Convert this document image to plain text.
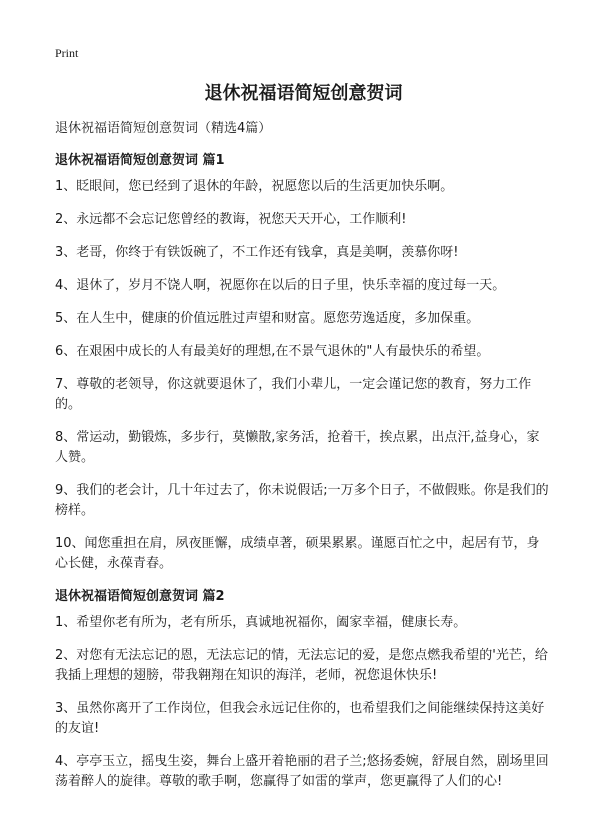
Print
退休祝福语简短创意贺词

退休祝福语简短创意贺词（精选4篇）

退休祝福语简短创意贺词 篇1
1、眨眼间，您已经到了退休的年龄，祝愿您以后的生活更加快乐啊。
2、永远都不会忘记您曾经的教诲，祝您天天开心，工作顺利!
3、老哥，你终于有铁饭碗了，不工作还有钱拿，真是美啊，羡慕你呀!
4、退休了，岁月不饶人啊，祝愿你在以后的日子里，快乐幸福的度过每一天。
5、在人生中，健康的价值远胜过声望和财富。愿您劳逸适度，多加保重。
6、在艰困中成长的人有最美好的理想,在不景气退休的"人有最快乐的希望。
7、尊敬的老领导，你这就要退休了，我们小辈儿，一定会谨记您的教育，努力工作的。
8、常运动，勤锻炼，多步行，莫懒散,家务活，抢着干，挨点累，出点汗,益身心，家人赞。
9、我们的老会计，几十年过去了，你未说假话;一万多个日子，不做假账。你是我们的榜样。
10、闻您重担在肩，夙夜匪懈，成绩卓著，硕果累累。谨愿百忙之中，起居有节，身心长健，永葆青春。
退休祝福语简短创意贺词 篇2
1、希望你老有所为，老有所乐，真诚地祝福你，阖家幸福，健康长寿。
2、对您有无法忘记的恩，无法忘记的情，无法忘记的爱，是您点燃我希望的'光芒，给我插上理想的翅膀，带我翱翔在知识的海洋，老师，祝您退休快乐!
3、虽然你离开了工作岗位，但我会永远记住你的，也希望我们之间能继续保持这美好的友谊!
4、亭亭玉立，摇曳生姿，舞台上盛开着艳丽的君子兰;悠扬委婉，舒展自然，剧场里回荡着醉人的旋律。尊敬的歌手啊，您赢得了如雷的掌声，您更赢得了人们的心!
